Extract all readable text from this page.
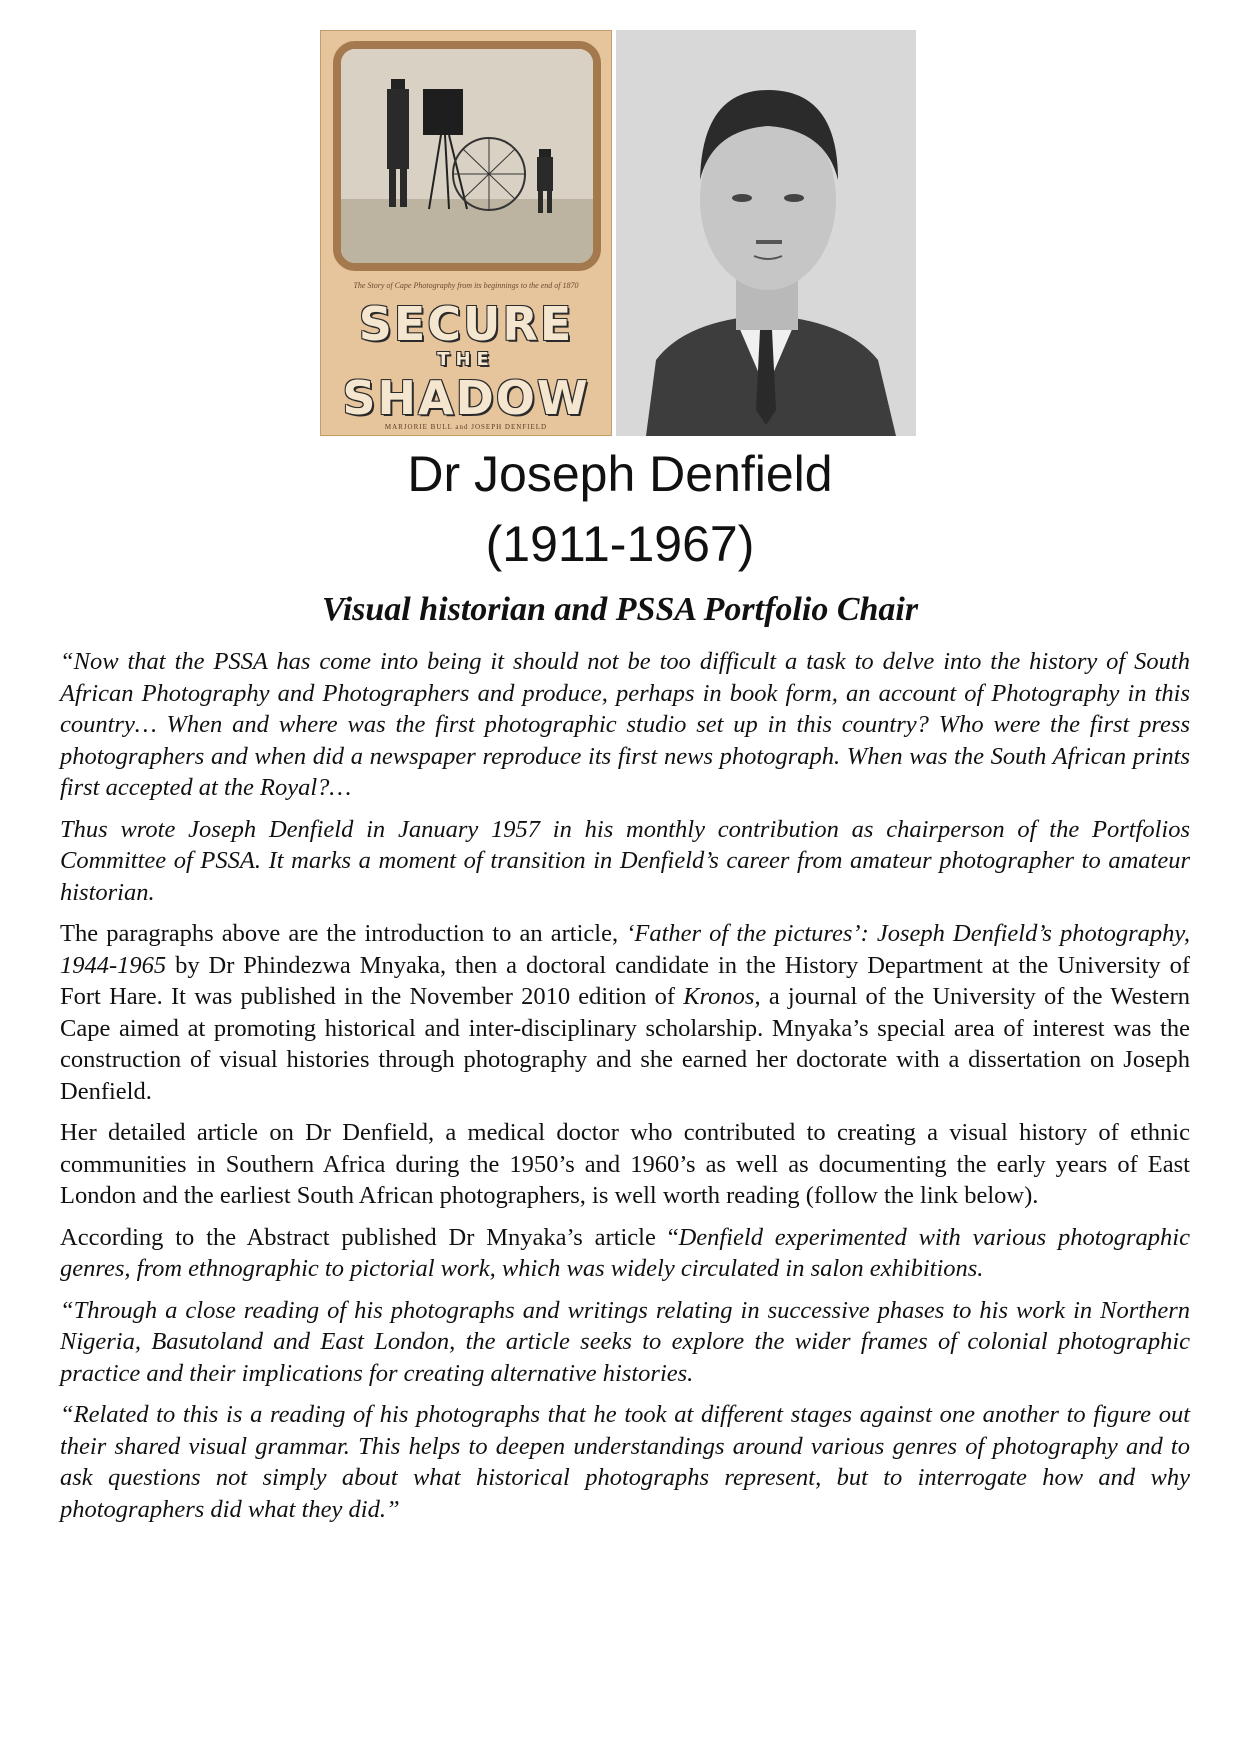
The Story of Cape Photography from its beginnings to the end of 1870
SECURE
THE
SHADOW
MARJORIE BULL and JOSEPH DENFIELD
Dr Joseph Denfield
(1911-1967)
Visual historian and PSSA Portfolio Chair

“Now that the PSSA has come into being it should not be too difficult a task to delve into the history of South African Photography and Photographers and produce, perhaps in book form, an account of Photography in this country… When and where was the first photographic studio set up in this country? Who were the first press photographers and when did a newspaper reproduce its first news photograph. When was the South African prints first accepted at the Royal?…

Thus wrote Joseph Denfield in January 1957 in his monthly contribution as chairperson of the Portfolios Committee of PSSA. It marks a moment of transition in Denfield’s career from amateur photographer to amateur historian.

The paragraphs above are the introduction to an article, ‘Father of the pictures’: Joseph Denfield’s photography, 1944-1965 by Dr Phindezwa Mnyaka, then a doctoral candidate in the History Department at the University of Fort Hare. It was published in the November 2010 edition of Kronos, a journal of the University of the Western Cape aimed at promoting historical and inter-disciplinary scholarship. Mnyaka’s special area of interest was the construction of visual histories through photography and she earned her doctorate with a dissertation on Joseph Denfield.

Her detailed article on Dr Denfield, a medical doctor who contributed to creating a visual history of ethnic communities in Southern Africa during the 1950’s and 1960’s as well as documenting the early years of East London and the earliest South African photographers, is well worth reading (follow the link below).

According to the Abstract published Dr Mnyaka’s article “Denfield experimented with various photographic genres, from ethnographic to pictorial work, which was widely circulated in salon exhibitions.

“Through a close reading of his photographs and writings relating in successive phases to his work in Northern Nigeria, Basutoland and East London, the article seeks to explore the wider frames of colonial photographic practice and their implications for creating alternative histories.

“Related to this is a reading of his photographs that he took at different stages against one another to figure out their shared visual grammar. This helps to deepen understandings around various genres of photography and to ask questions not simply about what historical photographs represent, but to interrogate how and why photographers did what they did.”
